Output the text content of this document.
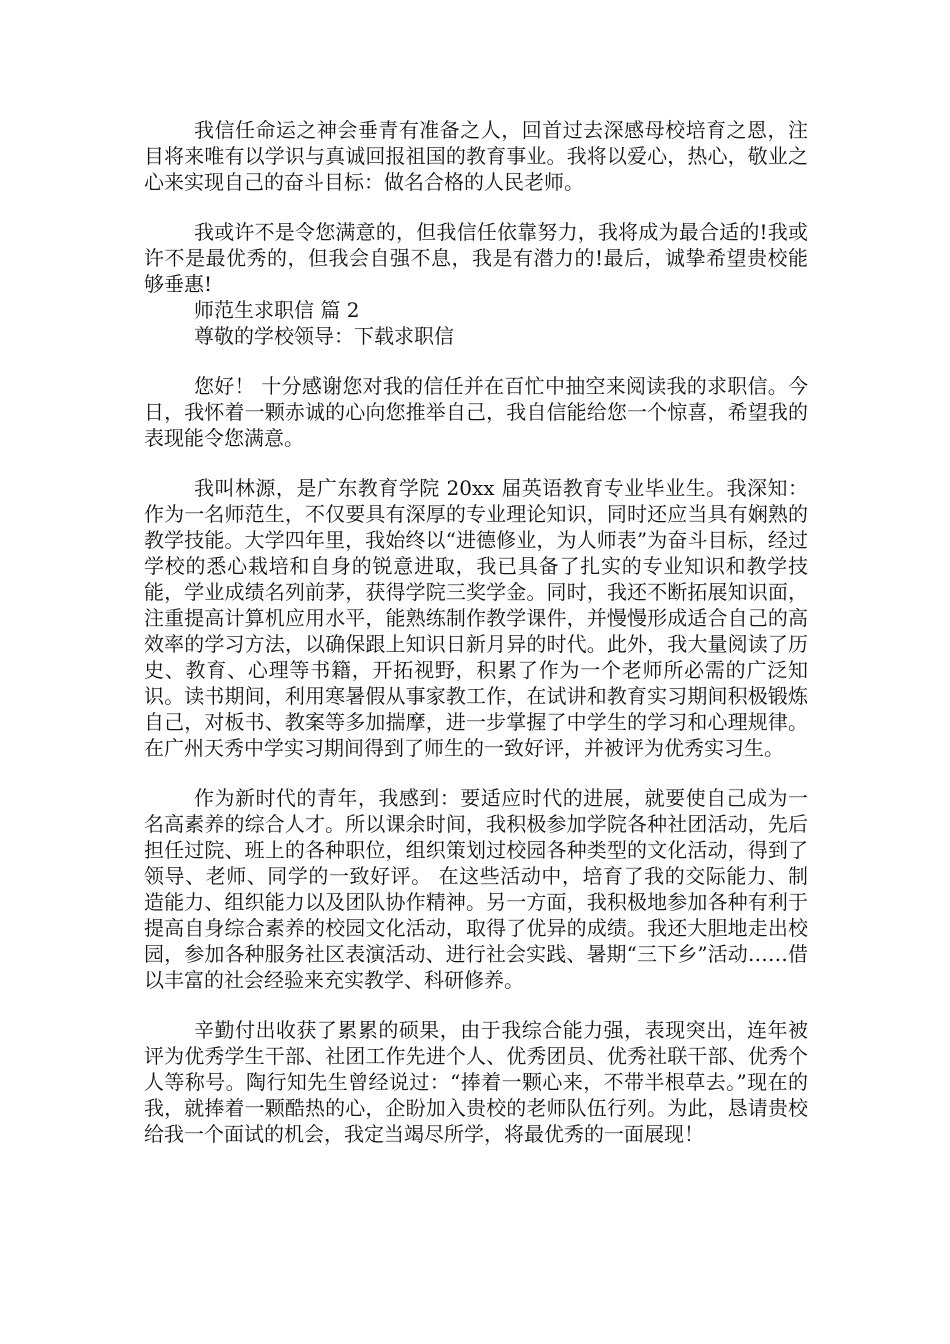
我信任命运之神会垂青有准备之人，回首过去深感母校培育之恩，注目将来唯有以学识与真诚回报祖国的教育事业。我将以爱心，热心，敬业之心来实现自己的奋斗目标：做名合格的人民老师。

我或许不是令您满意的，但我信任依靠努力，我将成为最合适的!我或许不是最优秀的，但我会自强不息，我是有潜力的!最后，诚挚希望贵校能够垂惠!

师范生求职信 篇 2

尊敬的学校领导：下载求职信

您好！ 十分感谢您对我的信任并在百忙中抽空来阅读我的求职信。今日，我怀着一颗赤诚的心向您推举自己，我自信能给您一个惊喜，希望我的表现能令您满意。

我叫林源，是广东教育学院 20xx 届英语教育专业毕业生。我深知：作为一名师范生，不仅要具有深厚的专业理论知识，同时还应当具有娴熟的教学技能。大学四年里，我始终以“进德修业，为人师表”为奋斗目标，经过学校的悉心栽培和自身的锐意进取，我已具备了扎实的专业知识和教学技能，学业成绩名列前茅，获得学院三奖学金。同时，我还不断拓展知识面，注重提高计算机应用水平，能熟练制作教学课件，并慢慢形成适合自己的高效率的学习方法，以确保跟上知识日新月异的时代。此外，我大量阅读了历史、教育、心理等书籍，开拓视野，积累了作为一个老师所必需的广泛知识。读书期间，利用寒暑假从事家教工作，在试讲和教育实习期间积极锻炼自己，对板书、教案等多加揣摩，进一步掌握了中学生的学习和心理规律。在广州天秀中学实习期间得到了师生的一致好评，并被评为优秀实习生。

作为新时代的青年，我感到：要适应时代的进展，就要使自己成为一名高素养的综合人才。所以课余时间，我积极参加学院各种社团活动，先后担任过院、班上的各种职位，组织策划过校园各种类型的文化活动，得到了领导、老师、同学的一致好评。 在这些活动中，培育了我的交际能力、制造能力、组织能力以及团队协作精神。另一方面，我积极地参加各种有利于提高自身综合素养的校园文化活动，取得了优异的成绩。我还大胆地走出校园，参加各种服务社区表演活动、进行社会实践、暑期“三下乡”活动……借以丰富的社会经验来充实教学、科研修养。

辛勤付出收获了累累的硕果，由于我综合能力强，表现突出，连年被评为优秀学生干部、社团工作先进个人、优秀团员、优秀社联干部、优秀个人等称号。陶行知先生曾经说过：“捧着一颗心来，不带半根草去。”现在的我，就捧着一颗酷热的心，企盼加入贵校的老师队伍行列。为此，恳请贵校给我一个面试的机会，我定当竭尽所学，将最优秀的一面展现！
